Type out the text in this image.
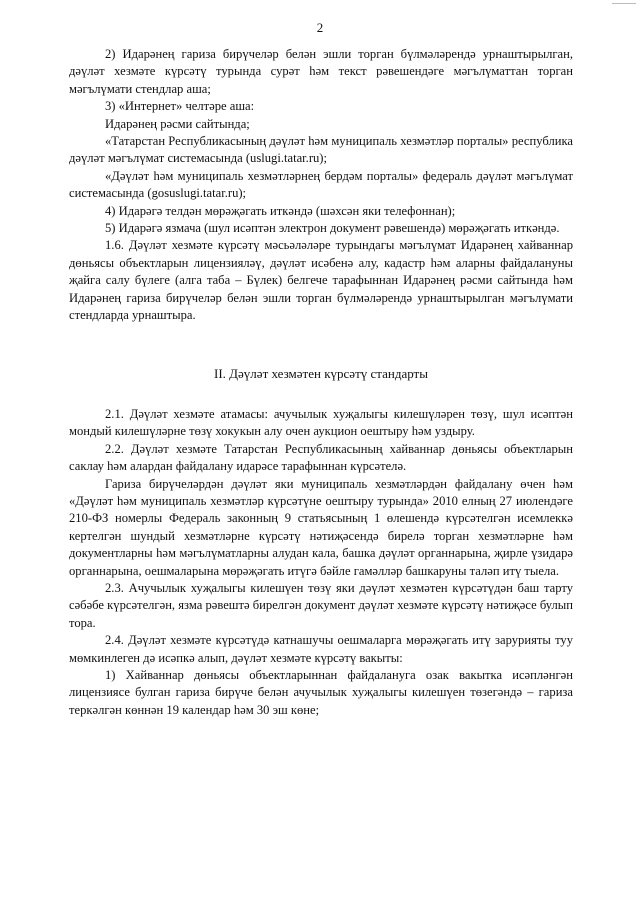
2

2) Идарәнең гариза бирүчеләр белән эшли торган бүлмәләрендә урнаштырылган, дәүләт хезмәте күрсәтү турында сурәт һәм текст рәвешендәге мәгълүматтан торган мәгълүмати стендлар аша;

3) «Интернет» челтәре аша:

Идарәнең рәсми сайтында;

«Татарстан Республикасының дәүләт һәм муниципаль хезмәтләр порталы» республика дәүләт мәгълүмат системасында (uslugi.tatar.ru);

«Дәүләт һәм муниципаль хезмәтләрнең бердәм порталы» федераль дәүләт мәгълүмат системасында (gosuslugi.tatar.ru);

4) Идарәгә телдән мөрәҗәгать иткәндә (шәхсән яки телефоннан);

5) Идарәгә язмача (шул исәптән электрон документ рәвешендә) мөрәҗәгать иткәндә.

1.6. Дәүләт хезмәте күрсәтү мәсьәләләре турындагы мәгълүмат Идарәнең хайваннар дөньясы объектларын лицензияләү, дәүләт исәбенә алу, кадастр һәм аларны файдалануны җайга салу бүлеге (алга таба – Бүлек) белгече тарафыннан Идарәнең рәсми сайтында һәм Идарәнең гариза бирүчеләр белән эшли торган бүлмәләрендә урнаштырылган мәгълүмати стендларда урнаштыра.

II. Дәүләт хезмәтен күрсәтү стандарты

2.1. Дәүләт хезмәте атамасы: ачучылык хуҗалыгы килешүләрен төзү, шул исәптән мондый килешүләрне төзү хокукын алу очен аукцион оештыру һәм уздыру.

2.2. Дәүләт хезмәте Татарстан Республикасының хайваннар дөньясы объектларын саклау һәм алардан файдалану идарәсе тарафыннан күрсәтелә.

Гариза бирүчеләрдән дәүләт яки муниципаль хезмәтләрдән файдалану өчен һәм «Дәүләт һәм муниципаль хезмәтләр күрсәтүне оештыру турында» 2010 елның 27 июлендәге 210-ФЗ номерлы Федераль законның 9 статьясының 1 өлешендә күрсәтелгән исемлеккә кертелгән шундый хезмәтләрне күрсәтү нәтиҗәсендә бирелә торган хезмәтләрне һәм документларны һәм мәгълүматларны алудан кала, башка дәүләт органнарына, җирле үзидарә органнарына, оешмаларына мөрәҗәгать итүгә бәйле гамәлләр башкаруны таләп итү тыела.

2.3. Ачучылык хуҗалыгы килешүен төзү яки дәүләт хезмәтен күрсәтүдән баш тарту сәбәбе күрсәтелгән, язма рәвештә бирелгән документ дәүләт хезмәте күрсәтү нәтиҗәсе булып тора.

2.4. Дәүләт хезмәте күрсәтүдә катнашучы оешмаларга мөрәҗәгать итү зарурияты туу мөмкинлеген дә исәпкә алып, дәүләт хезмәте күрсәтү вакыты:

1) Хайваннар дөньясы объектларыннан файдалануга озак вакытка исәпләнгән лицензиясе булган гариза бирүче белән ачучылык хуҗалыгы килешүен төзегәндә – гариза теркәлгән көннән 19 календар һәм 30 эш көне;
